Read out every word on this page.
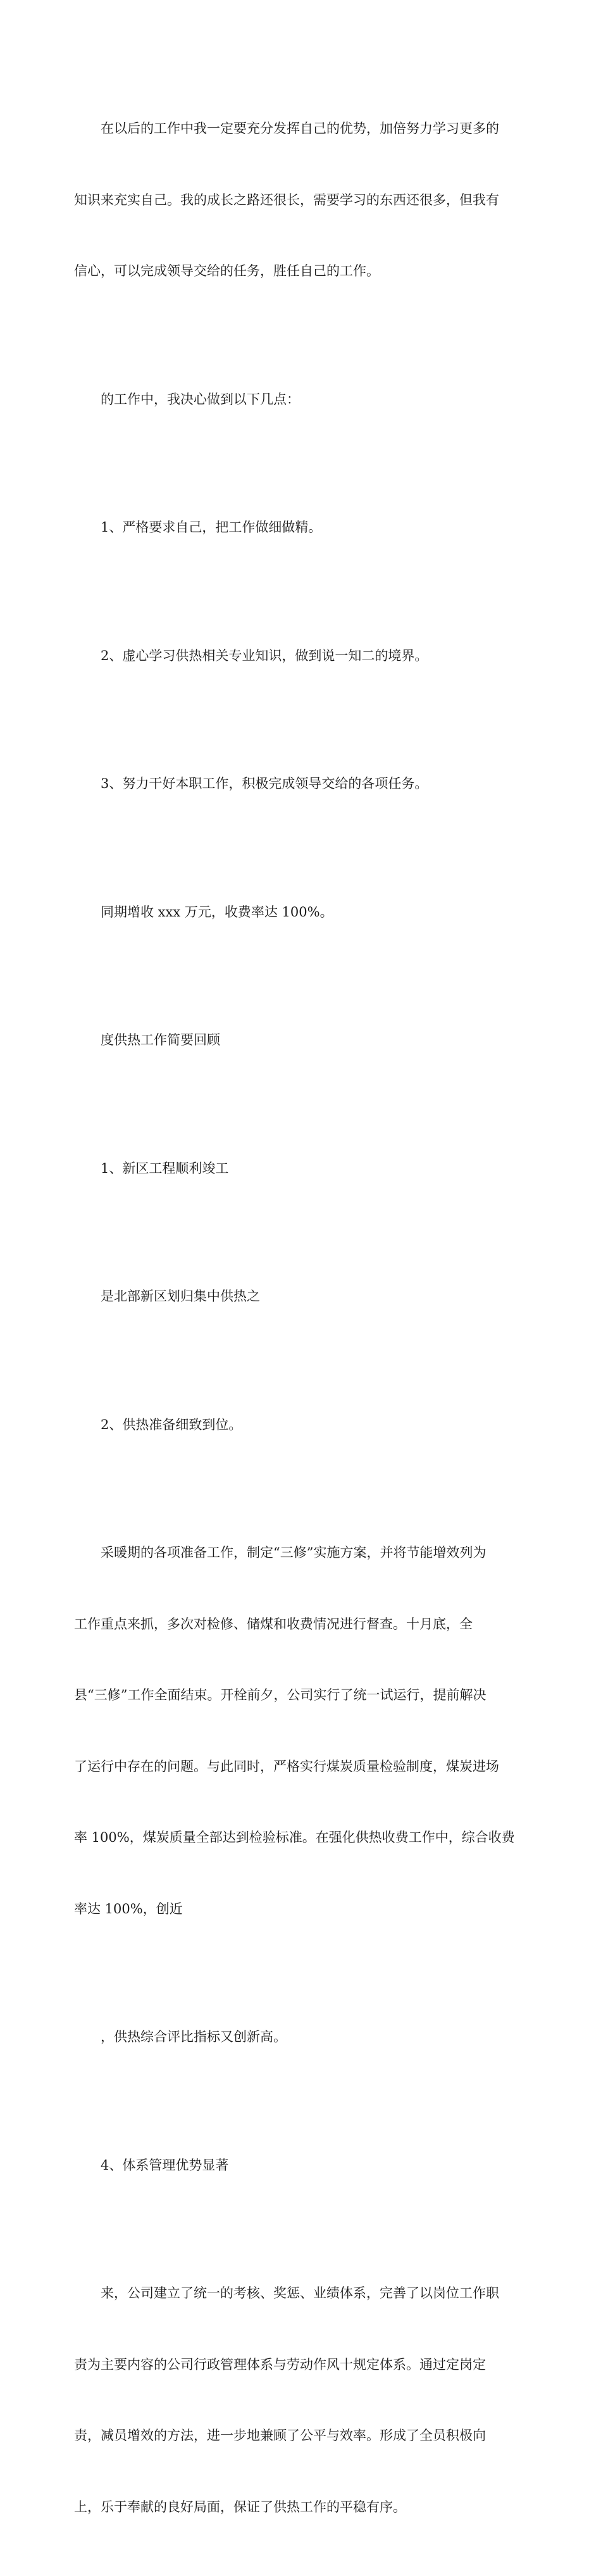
在以后的工作中我一定要充分发挥自己的优势，加倍努力学习更多的

知识来充实自己。我的成长之路还很长，需要学习的东西还很多，但我有

信心，可以完成领导交给的任务，胜任自己的工作。

的工作中，我决心做到以下几点：

1、严格要求自己，把工作做细做精。

2、虚心学习供热相关专业知识，做到说一知二的境界。

3、努力干好本职工作，积极完成领导交给的各项任务。

同期增收 xxx 万元，收费率达 100%。

度供热工作简要回顾

1、新区工程顺利竣工

是北部新区划归集中供热之

2、供热准备细致到位。

采暖期的各项准备工作，制定“三修”实施方案，并将节能增效列为

工作重点来抓，多次对检修、储煤和收费情况进行督查。十月底，全

县“三修”工作全面结束。开栓前夕，公司实行了统一试运行，提前解决

了运行中存在的问题。与此同时，严格实行煤炭质量检验制度，煤炭进场

率 100%，煤炭质量全部达到检验标准。在强化供热收费工作中，综合收费

率达 100%，创近

，供热综合评比指标又创新高。

4、体系管理优势显著

来，公司建立了统一的考核、奖惩、业绩体系，完善了以岗位工作职

责为主要内容的公司行政管理体系与劳动作风十规定体系。通过定岗定

责，减员增效的方法，进一步地兼顾了公平与效率。形成了全员积极向

上，乐于奉献的良好局面，保证了供热工作的平稳有序。
